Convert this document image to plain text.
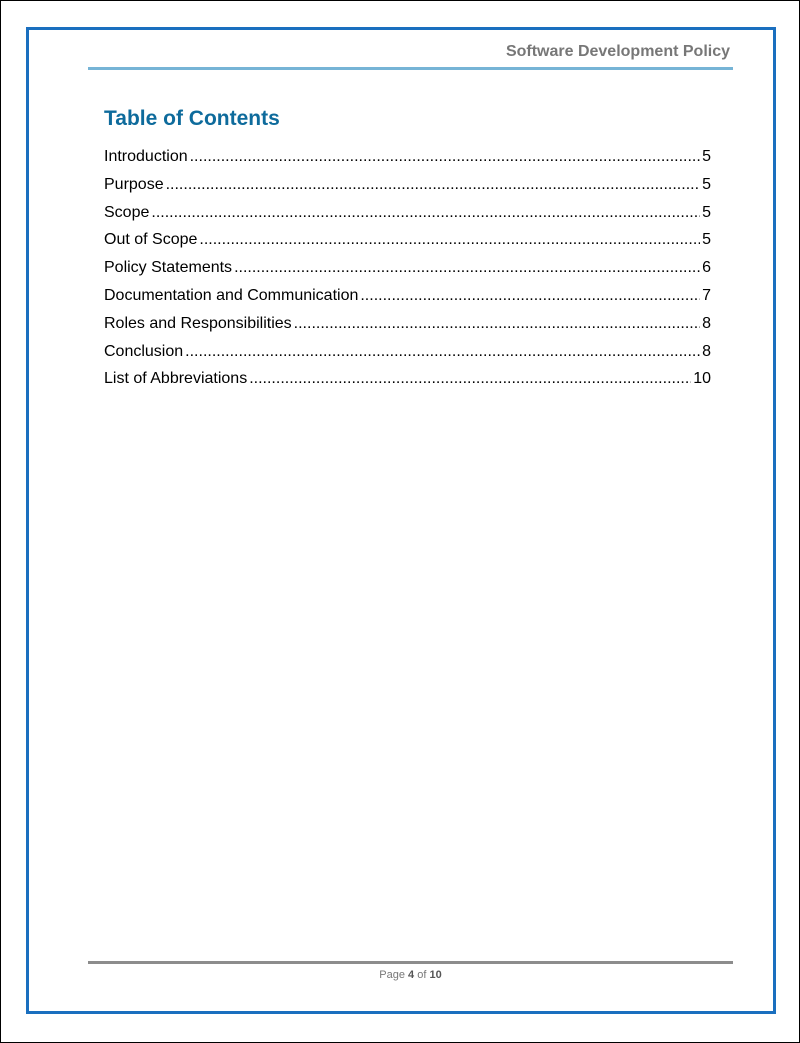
Software Development Policy
Table of Contents
Introduction .....	5
Purpose .....	5
Scope .....	5
Out of Scope .....	5
Policy Statements .....	6
Documentation and Communication .....	7
Roles and Responsibilities .....	8
Conclusion .....	8
List of Abbreviations .....	10
Page 4 of 10
